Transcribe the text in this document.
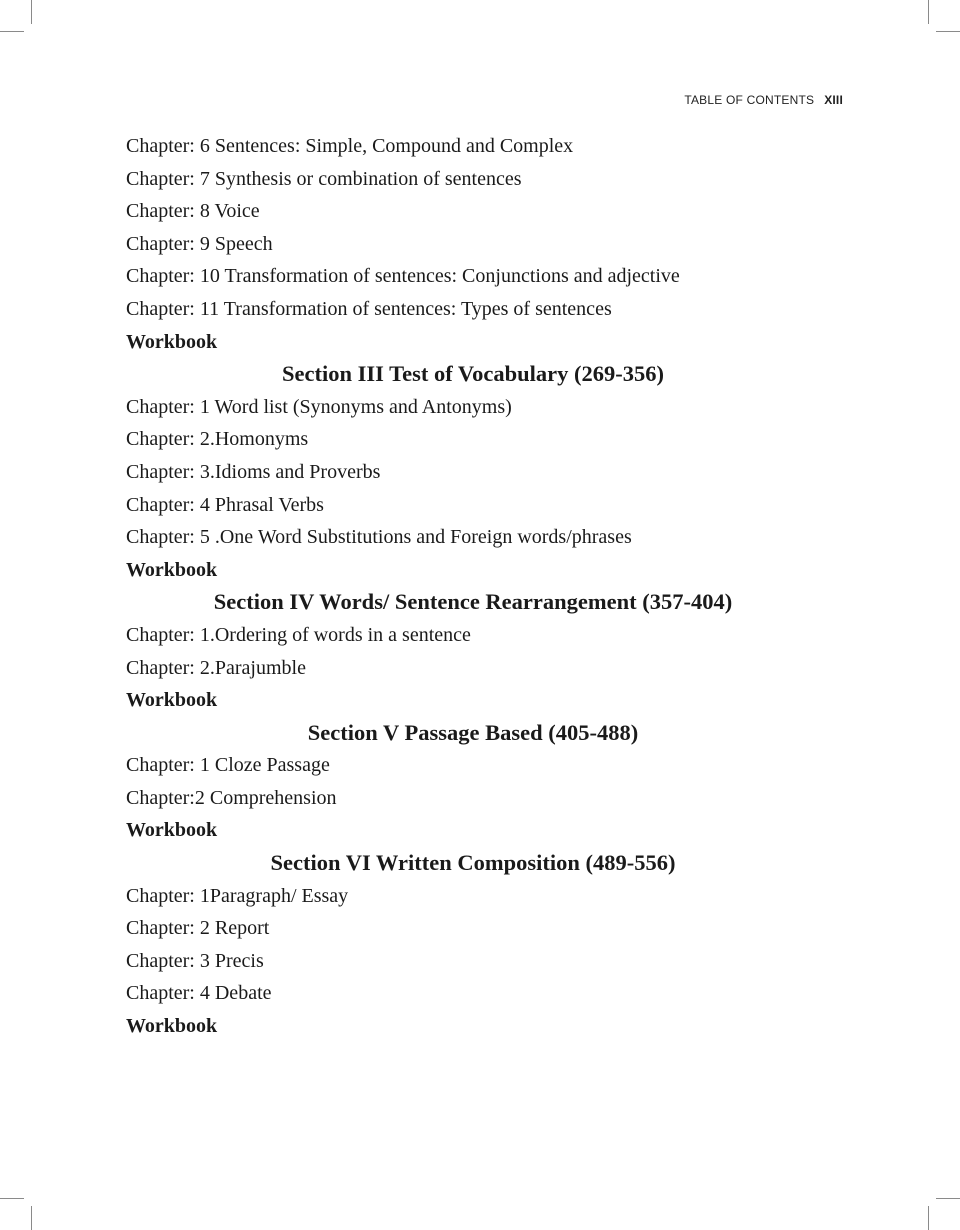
TABLE OF CONTENTS XIII
Chapter: 6 Sentences: Simple, Compound and Complex
Chapter: 7 Synthesis or combination of sentences
Chapter: 8 Voice
Chapter: 9 Speech
Chapter: 10 Transformation of sentences: Conjunctions and adjective
Chapter: 11 Transformation of sentences: Types of sentences
Workbook
Section III Test of Vocabulary (269-356)
Chapter: 1 Word list (Synonyms and Antonyms)
Chapter: 2.Homonyms
Chapter: 3.Idioms and Proverbs
Chapter: 4 Phrasal Verbs
Chapter: 5 .One Word Substitutions and Foreign words/phrases
Workbook
Section IV Words/ Sentence Rearrangement (357-404)
Chapter: 1.Ordering of words in a sentence
Chapter: 2.Parajumble
Workbook
Section V Passage Based (405-488)
Chapter: 1 Cloze Passage
Chapter:2 Comprehension
Workbook
Section VI Written Composition (489-556)
Chapter: 1Paragraph/ Essay
Chapter: 2 Report
Chapter: 3 Precis
Chapter: 4 Debate
Workbook
